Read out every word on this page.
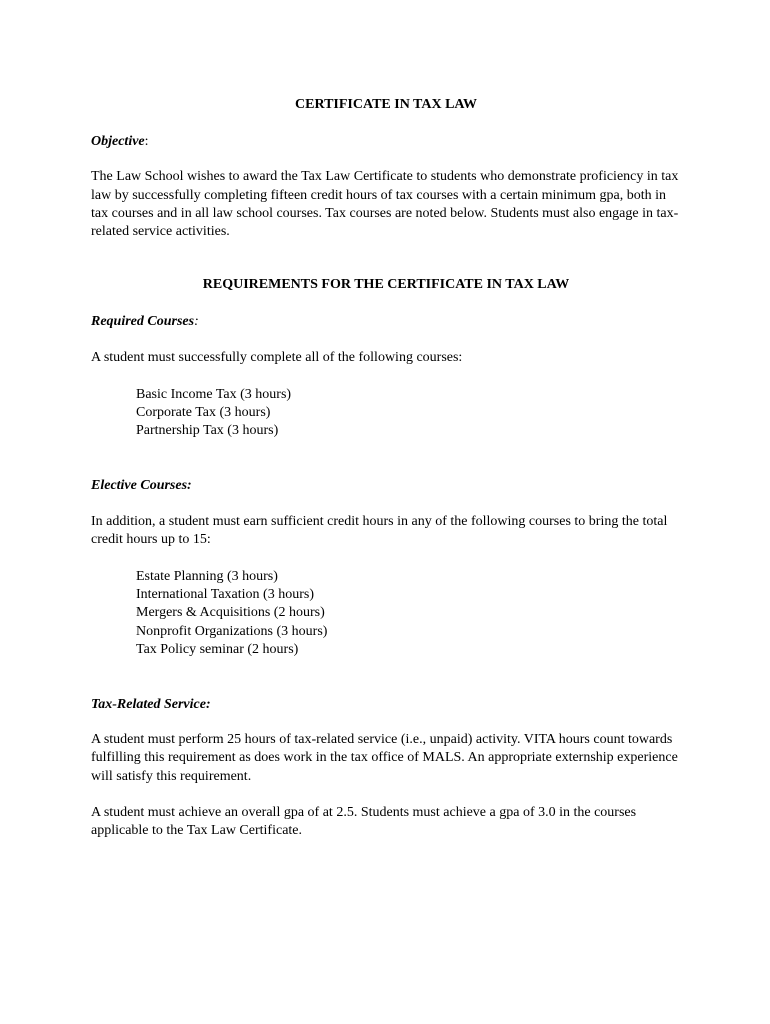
CERTIFICATE IN TAX LAW

Objective:

The Law School wishes to award the Tax Law Certificate to students who demonstrate proficiency in tax law by successfully completing fifteen credit hours of tax courses with a certain minimum gpa, both in tax courses and in all law school courses. Tax courses are noted below. Students must also engage in tax-related service activities.

REQUIREMENTS FOR THE CERTIFICATE IN TAX LAW

Required Courses:

A student must successfully complete all of the following courses:

Basic Income Tax (3 hours)
Corporate Tax (3 hours)
Partnership Tax (3 hours)

Elective Courses:

In addition, a student must earn sufficient credit hours in any of the following courses to bring the total credit hours up to 15:

Estate Planning (3 hours)
International Taxation (3 hours)
Mergers & Acquisitions (2 hours)
Nonprofit Organizations (3 hours)
Tax Policy seminar (2 hours)

Tax-Related Service:

A student must perform 25 hours of tax-related service (i.e., unpaid) activity. VITA hours count towards fulfilling this requirement as does work in the tax office of MALS. An appropriate externship experience will satisfy this requirement.

A student must achieve an overall gpa of at 2.5. Students must achieve a gpa of 3.0 in the courses applicable to the Tax Law Certificate.
